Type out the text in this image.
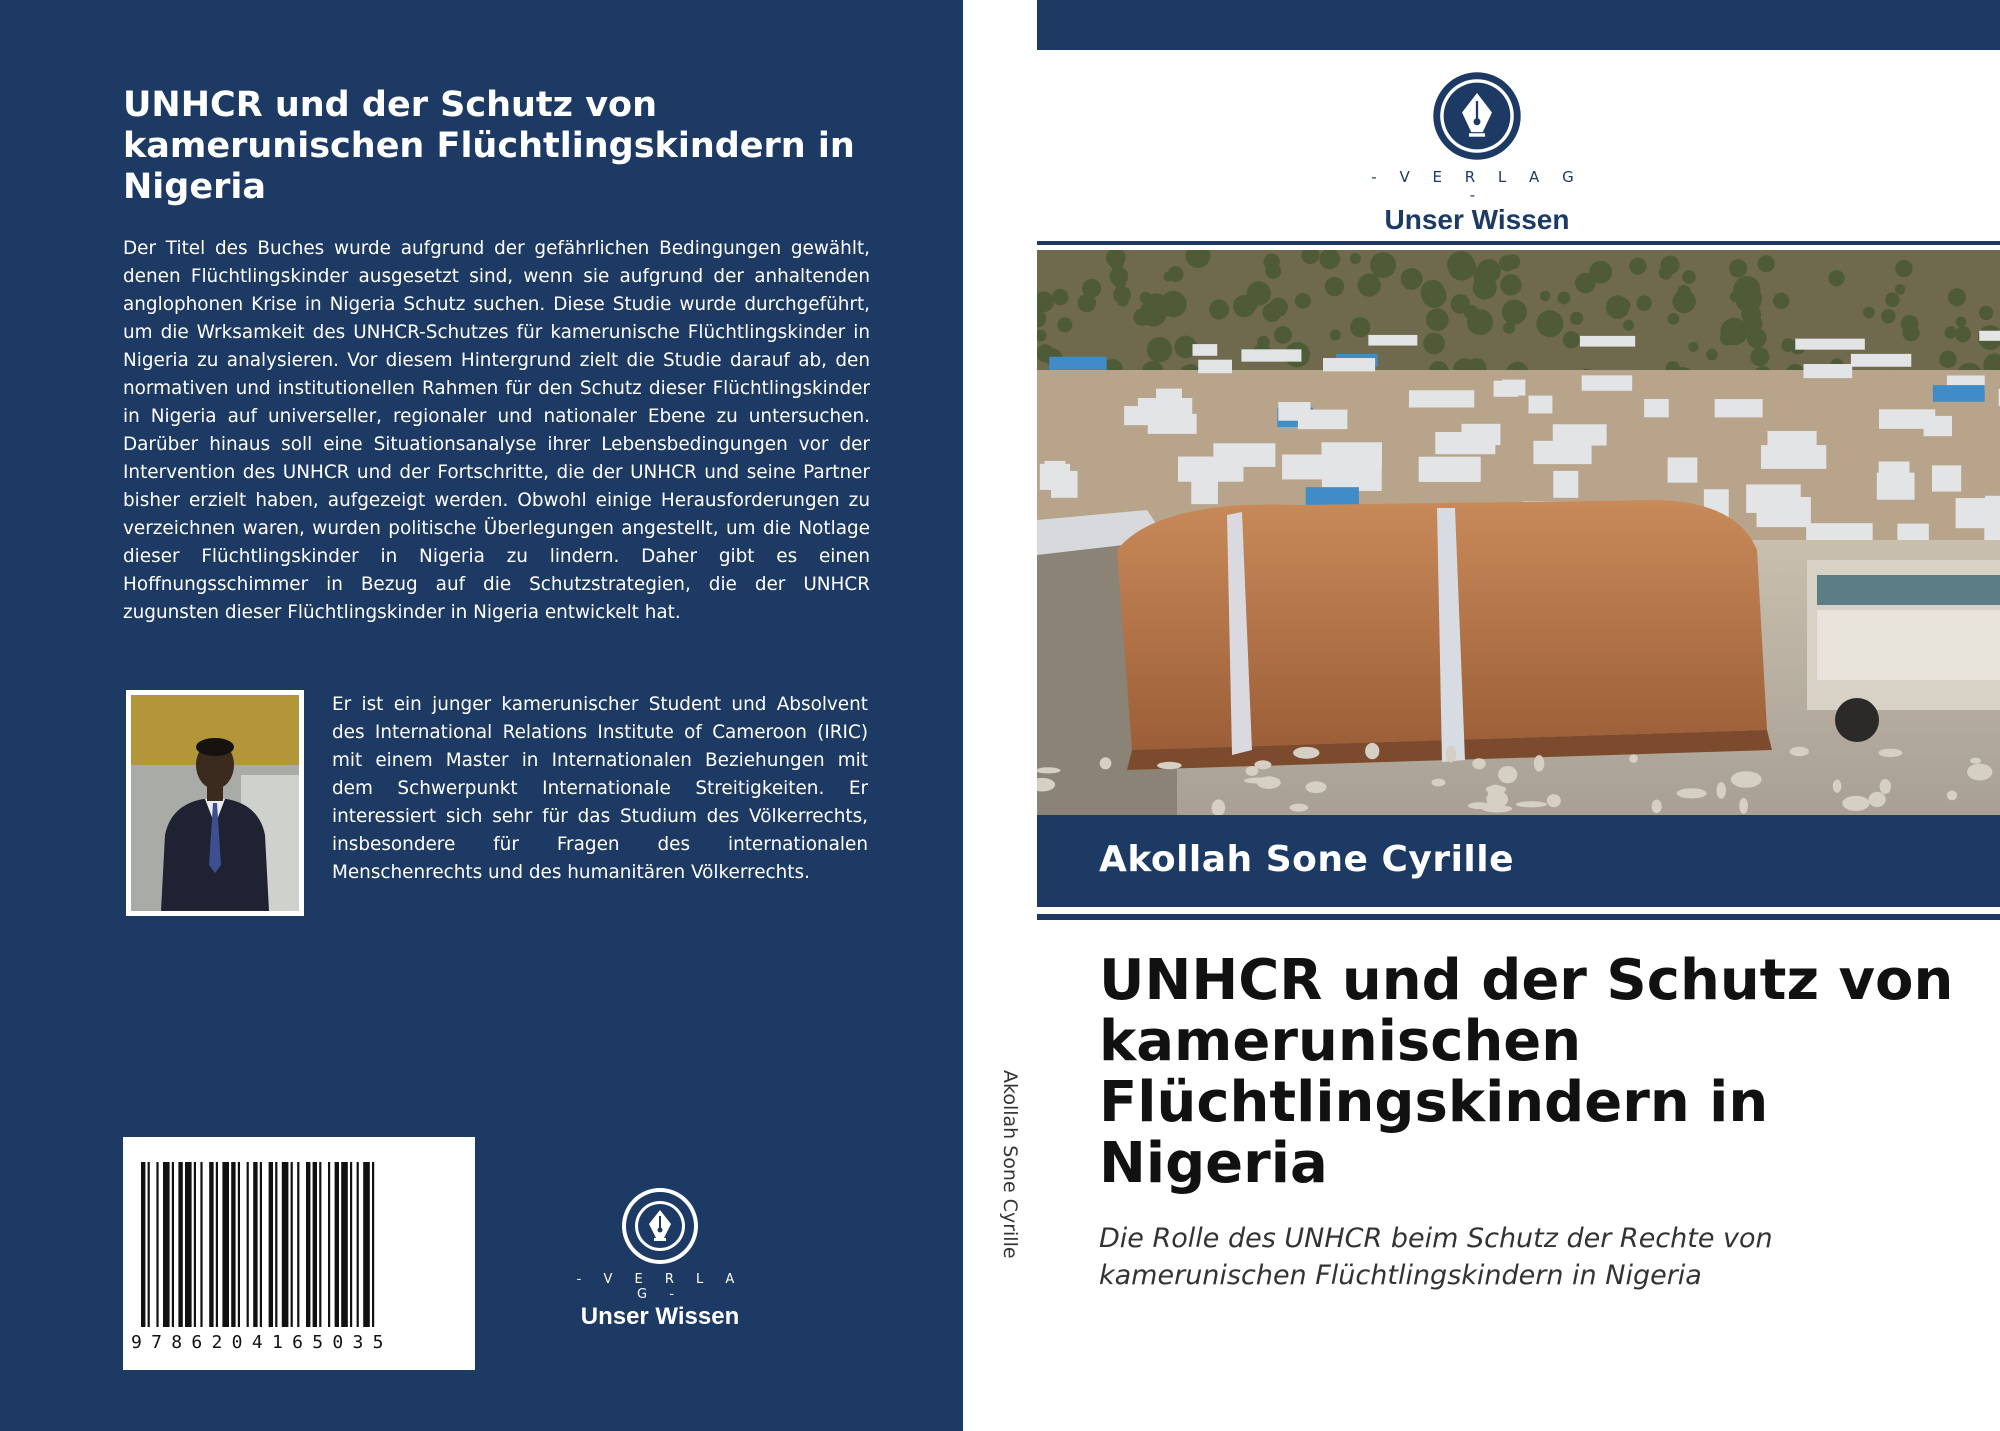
UNHCR und der Schutz von kamerunischen Flüchtlingskindern in Nigeria
Der Titel des Buches wurde aufgrund der gefährlichen Bedingungen gewählt, denen Flüchtlingskinder ausgesetzt sind, wenn sie aufgrund der anhaltenden anglophonen Krise in Nigeria Schutz suchen. Diese Studie wurde durchgeführt, um die Wrksamkeit des UNHCR-Schutzes für kamerunische Flüchtlingskinder in Nigeria zu analysieren. Vor diesem Hintergrund zielt die Studie darauf ab, den normativen und institutionellen Rahmen für den Schutz dieser Flüchtlingskinder in Nigeria auf universeller, regionaler und nationaler Ebene zu untersuchen. Darüber hinaus soll eine Situationsanalyse ihrer Lebensbedingungen vor der Intervention des UNHCR und der Fortschritte, die der UNHCR und seine Partner bisher erzielt haben, aufgezeigt werden. Obwohl einige Herausforderungen zu verzeichnen waren, wurden politische Überlegungen angestellt, um die Notlage dieser Flüchtlingskinder in Nigeria zu lindern. Daher gibt es einen Hoffnungsschimmer in Bezug auf die Schutzstrategien, die der UNHCR zugunsten dieser Flüchtlingskinder in Nigeria entwickelt hat.
Er ist ein junger kamerunischer Student und Absolvent des International Relations Institute of Cameroon (IRIC) mit einem Master in Internationalen Beziehungen mit dem Schwerpunkt Internationale Streitigkeiten. Er interessiert sich sehr für das Studium des Völkerrechts, insbesondere für Fragen des internationalen Menschenrechts und des humanitären Völkerrechts.
9786204165035
- V E R L A G -
Unser Wissen
Akollah Sone Cyrille
- V E R L A G -
Unser Wissen
Akollah Sone Cyrille
UNHCR und der Schutz von kamerunischen Flüchtlingskindern in Nigeria
Die Rolle des UNHCR beim Schutz der Rechte von kamerunischen Flüchtlingskindern in Nigeria
